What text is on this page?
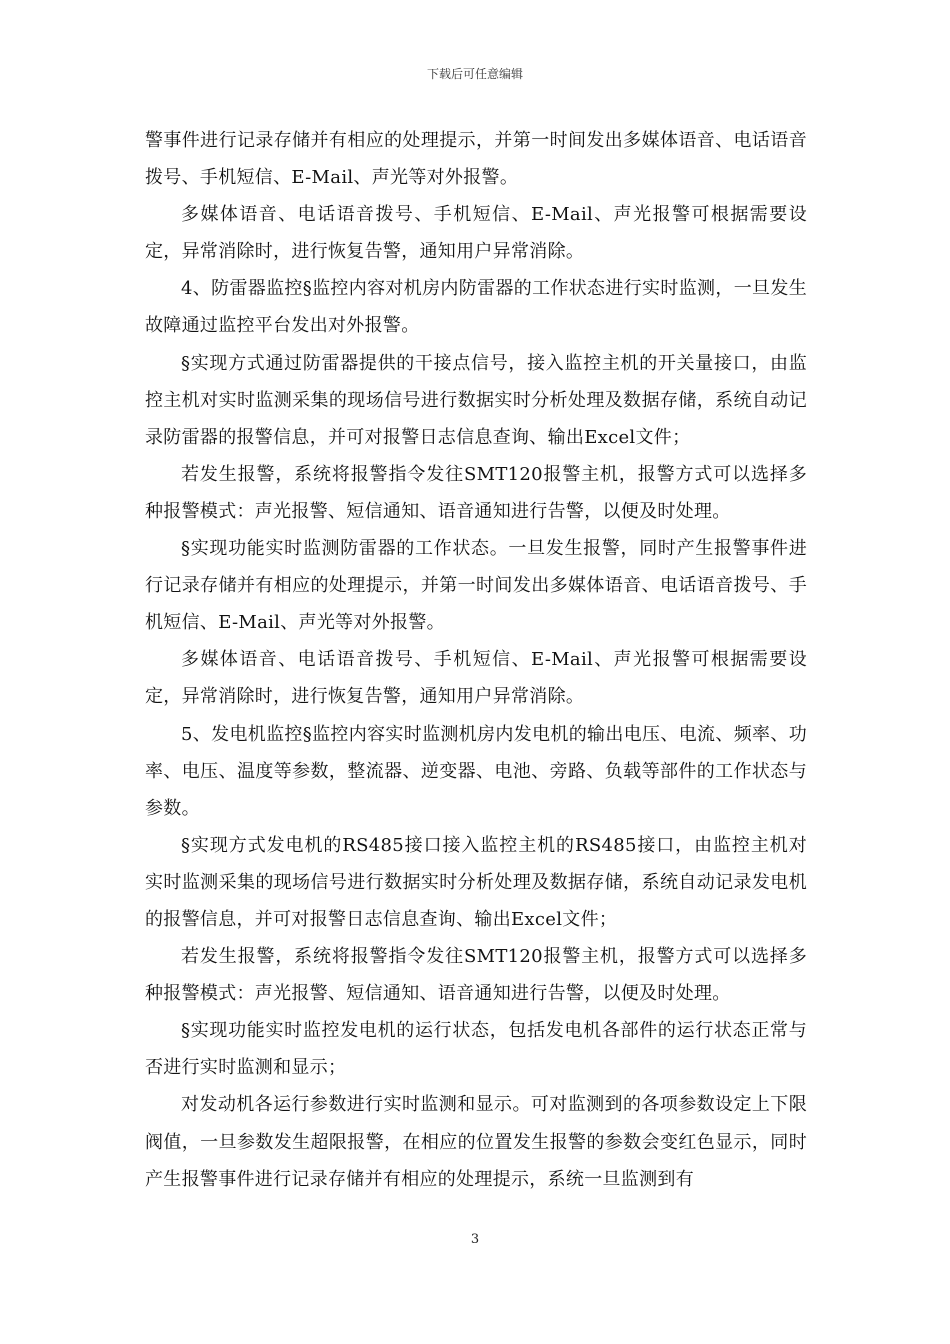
下载后可任意编辑

警事件进行记录存储并有相应的处理提示，并第一时间发出多媒体语音、电话语音拨号、手机短信、E-Mail、声光等对外报警。

多媒体语音、电话语音拨号、手机短信、E-Mail、声光报警可根据需要设定，异常消除时，进行恢复告警，通知用户异常消除。

4、防雷器监控§监控内容对机房内防雷器的工作状态进行实时监测，一旦发生故障通过监控平台发出对外报警。

§实现方式通过防雷器提供的干接点信号，接入监控主机的开关量接口，由监控主机对实时监测采集的现场信号进行数据实时分析处理及数据存储，系统自动记录防雷器的报警信息，并可对报警日志信息查询、输出Excel文件；

若发生报警，系统将报警指令发往SMT120报警主机，报警方式可以选择多种报警模式：声光报警、短信通知、语音通知进行告警，以便及时处理。

§实现功能实时监测防雷器的工作状态。一旦发生报警，同时产生报警事件进行记录存储并有相应的处理提示，并第一时间发出多媒体语音、电话语音拨号、手机短信、E-Mail、声光等对外报警。

多媒体语音、电话语音拨号、手机短信、E-Mail、声光报警可根据需要设定，异常消除时，进行恢复告警，通知用户异常消除。

5、发电机监控§监控内容实时监测机房内发电机的输出电压、电流、频率、功率、电压、温度等参数，整流器、逆变器、电池、旁路、负载等部件的工作状态与参数。

§实现方式发电机的RS485接口接入监控主机的RS485接口，由监控主机对实时监测采集的现场信号进行数据实时分析处理及数据存储，系统自动记录发电机的报警信息，并可对报警日志信息查询、输出Excel文件；

若发生报警，系统将报警指令发往SMT120报警主机，报警方式可以选择多种报警模式：声光报警、短信通知、语音通知进行告警，以便及时处理。

§实现功能实时监控发电机的运行状态，包括发电机各部件的运行状态正常与否进行实时监测和显示；

对发动机各运行参数进行实时监测和显示。可对监测到的各项参数设定上下限阀值，一旦参数发生超限报警，在相应的位置发生报警的参数会变红色显示，同时产生报警事件进行记录存储并有相应的处理提示，系统一旦监测到有

3
